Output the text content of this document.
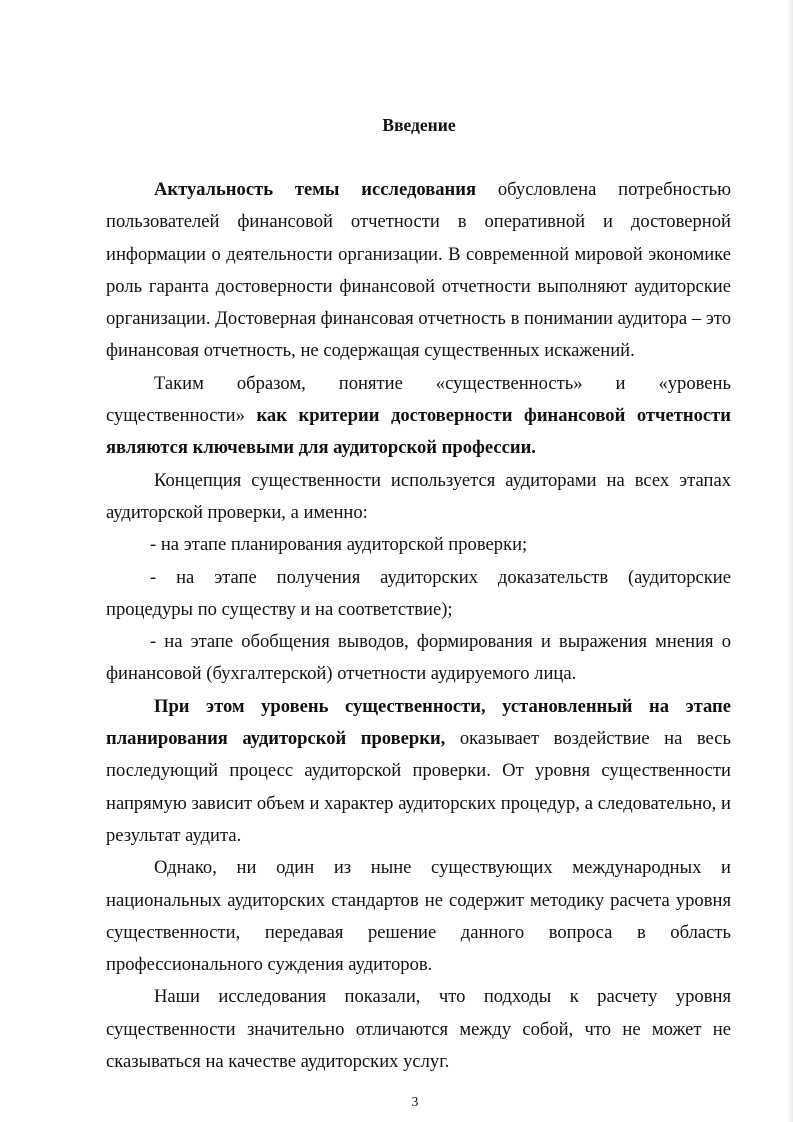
Введение

Актуальность темы исследования обусловлена потребностью пользователей финансовой отчетности в оперативной и достоверной информации о деятельности организации. В современной мировой экономике роль гаранта достоверности финансовой отчетности выполняют аудиторские организации. Достоверная финансовая отчетность в понимании аудитора – это финансовая отчетность, не содержащая существенных искажений.

Таким образом, понятие «существенность» и «уровень существенности» как критерии достоверности финансовой отчетности являются ключевыми для аудиторской профессии.

Концепция существенности используется аудиторами на всех этапах аудиторской проверки, а именно:

- на этапе планирования аудиторской проверки;

- на этапе получения аудиторских доказательств (аудиторские процедуры по существу и на соответствие);

- на этапе обобщения выводов, формирования и выражения мнения о финансовой (бухгалтерской) отчетности аудируемого лица.

При этом уровень существенности, установленный на этапе планирования аудиторской проверки, оказывает воздействие на весь последующий процесс аудиторской проверки. От уровня существенности напрямую зависит объем и характер аудиторских процедур, а следовательно, и результат аудита.

Однако, ни один из ныне существующих международных и национальных аудиторских стандартов не содержит методику расчета уровня существенности, передавая решение данного вопроса в область профессионального суждения аудиторов.

Наши исследования показали, что подходы к расчету уровня существенности значительно отличаются между собой, что не может не сказываться на качестве аудиторских услуг.

3
